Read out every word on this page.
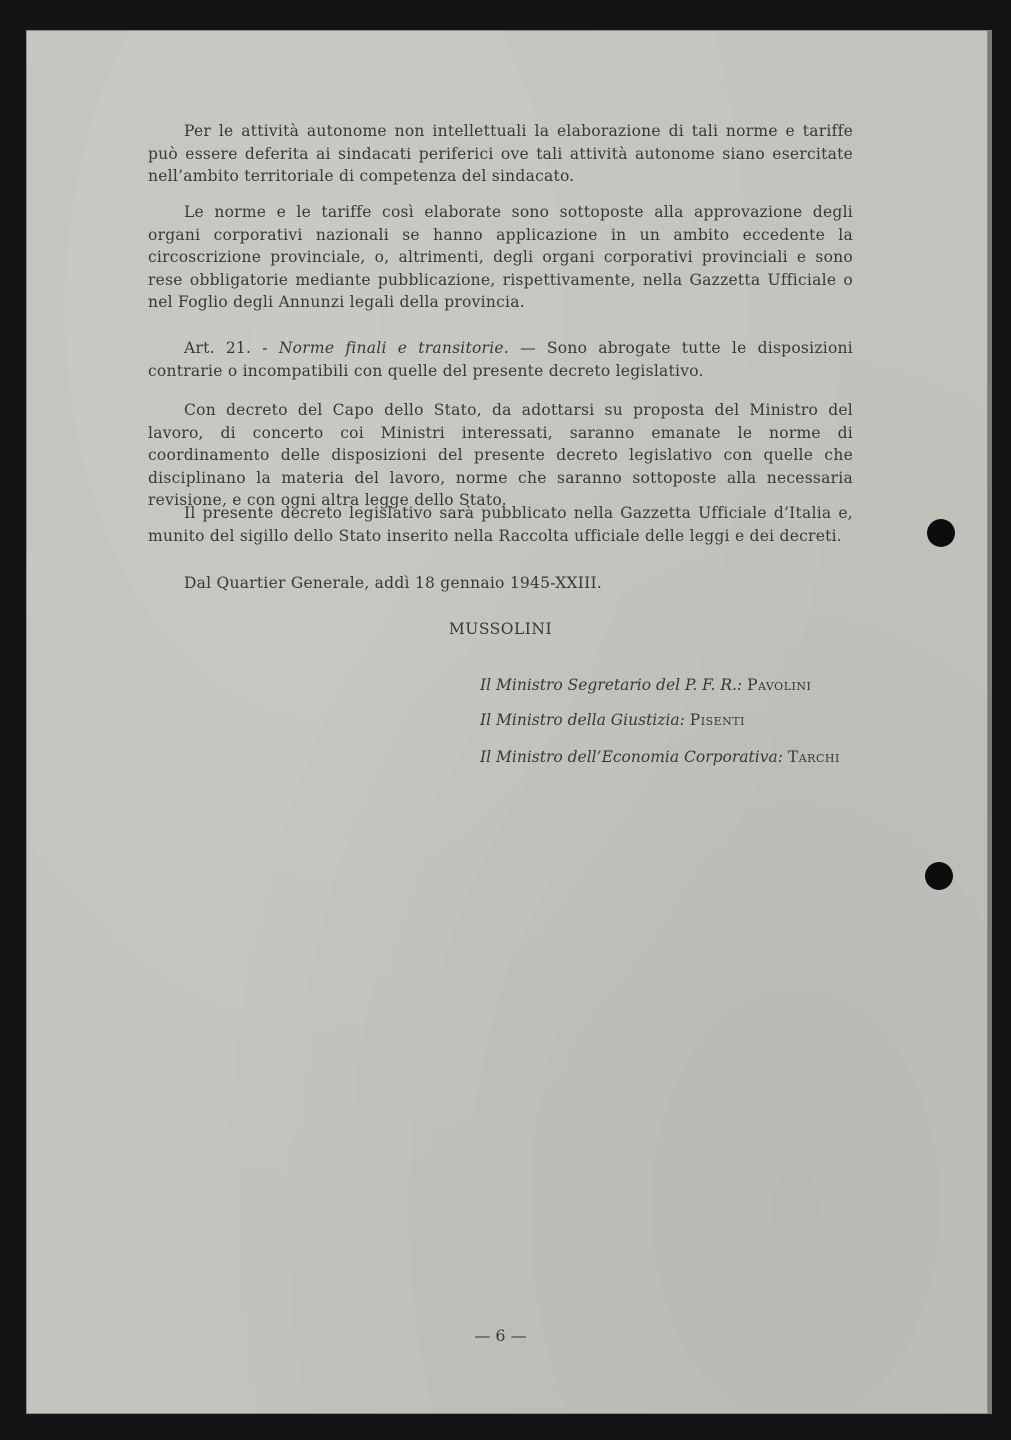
Per le attività autonome non intellettuali la elaborazione di tali norme e tariffe può essere deferita ai sindacati periferici ove tali attività autonome siano esercitate nell’ambito territoriale di competenza del sindacato.

Le norme e le tariffe così elaborate sono sottoposte alla approvazione degli organi corporativi nazionali se hanno applicazione in un ambito eccedente la circoscrizione provinciale, o, altrimenti, degli organi corporativi provinciali e sono rese obbligatorie mediante pubblicazione, rispettivamente, nella Gazzetta Ufficiale o nel Foglio degli Annunzi legali della provincia.

Art. 21. - Norme finali e transitorie. — Sono abrogate tutte le disposizioni contrarie o incompatibili con quelle del presente decreto legislativo.

Con decreto del Capo dello Stato, da adottarsi su proposta del Ministro del lavoro, di concerto coi Ministri interessati, saranno emanate le norme di coordinamento delle disposizioni del presente decreto legislativo con quelle che disciplinano la materia del lavoro, norme che saranno sottoposte alla necessaria revisione, e con ogni altra legge dello Stato.

Il presente decreto legislativo sarà pubblicato nella Gazzetta Ufficiale d’Italia e, munito del sigillo dello Stato inserito nella Raccolta ufficiale delle leggi e dei decreti.

Dal Quartier Generale, addì 18 gennaio 1945-XXIII.

MUSSOLINI
Il Ministro Segretario del P. F. R.: Pavolini
Il Ministro della Giustizia: Pisenti
Il Ministro dell’Economia Corporativa: Tarchi
— 6 —
